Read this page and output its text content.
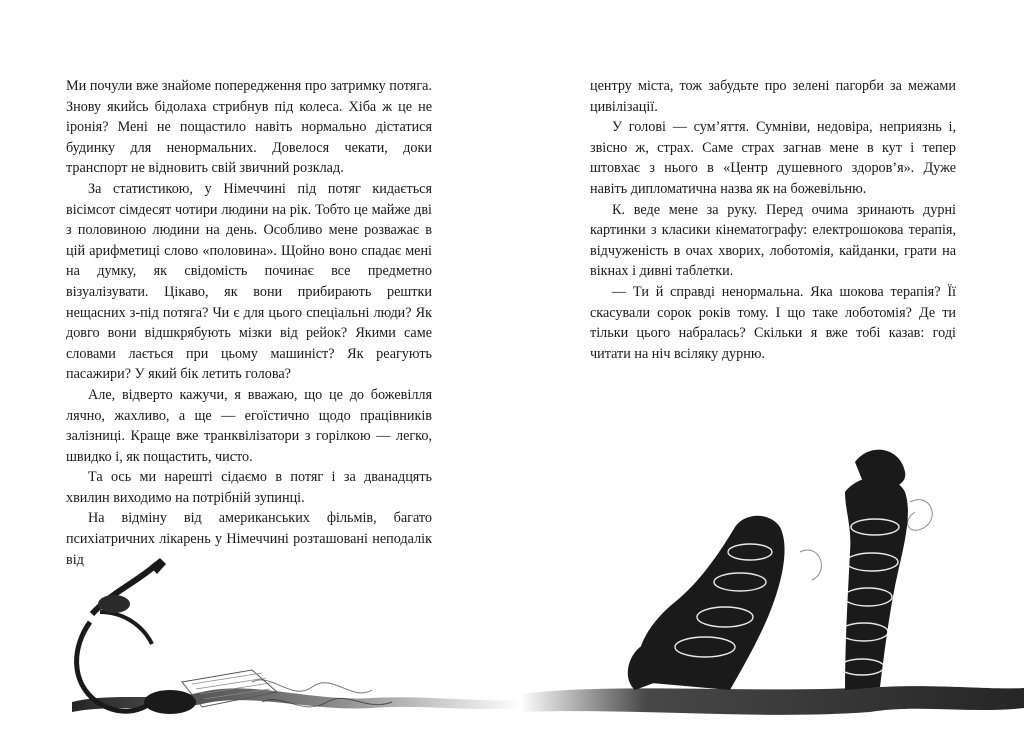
Ми почули вже знайоме попередження про затримку потяга. Знову якийсь бідолаха стрибнув під колеса. Хіба ж це не іронія? Мені не пощастило навіть нормально дістатися будинку для ненормальних. Довелося чекати, доки транспорт не відновить свій звичний розклад.

За статистикою, у Німеччині під потяг кидається вісімсот сімдесят чотири людини на рік. Тобто це майже дві з половиною людини на день. Особливо мене розважає в цій арифметиці слово «половина». Щойно воно спадає мені на думку, як свідомість починає все предметно візуалізувати. Цікаво, як вони прибирають рештки нещасних з-під потяга? Чи є для цього спеціальні люди? Як довго вони відшкрябують мізки від рейок? Якими саме словами лається при цьому машиніст? Як реагують пасажири? У який бік летить голова?

Але, відверто кажучи, я вважаю, що це до божевілля лячно, жахливо, а ще — егоїстично щодо працівників залізниці. Краще вже транквілізатори з горілкою — легко, швидко і, як пощастить, чисто.

Та ось ми нарешті сідаємо в потяг і за дванадцять хвилин виходимо на потрібній зупинці.

На відміну від американських фільмів, багато психіатричних лікарень у Німеччині розташовані неподалік від

центру міста, тож забудьте про зелені пагорби за межами цивілізації.

У голові — сум’яття. Сумніви, недовіра, неприязнь і, звісно ж, страх. Саме страх загнав мене в кут і тепер штовхає з нього в «Центр душевного здоров’я». Дуже навіть дипломатична назва як на божевільню.

К. веде мене за руку. Перед очима зринають дурні картинки з класики кінематографу: електрошокова терапія, відчуженість в очах хворих, лоботомія, кайданки, грати на вікнах і дивні таблетки.

— Ти й справді ненормальна. Яка шокова терапія? Її скасували сорок років тому. І що таке лоботомія? Де ти тільки цього набралась? Скільки я вже тобі казав: годі читати на ніч всіляку дурню.
